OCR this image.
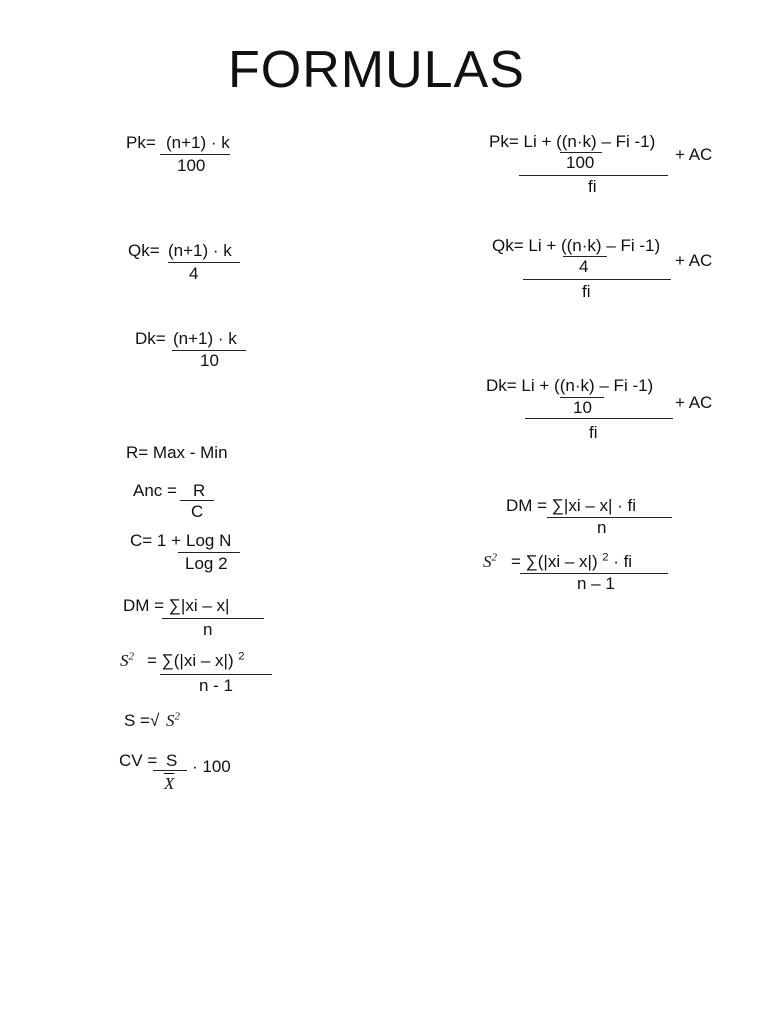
FORMULAS
Pk= (n+1) · k
100
Qk= (n+1) · k
4
Dk= (n+1) · k
10
R= Max - Min
Anc = R
C
C= 1 + Log N
Log 2
DM = ∑|xi – x|
n
$S^2 = \sum(|xi - x|)$ $^2$
n - 1
S =√ $S^2$
CV = S
$\overline{X}$
· 100
Pk= Li + ((n·k) – Fi -1)
100
fi
+ AC
Qk= Li + ((n·k) – Fi -1)
4
fi
+ AC
Dk= Li + ((n·k) – Fi -1)
10
fi
+ AC
DM = ∑|xi – x| · fi
n
$S^2 = \sum(|xi - x|) ^2$ · fi
n – 1
